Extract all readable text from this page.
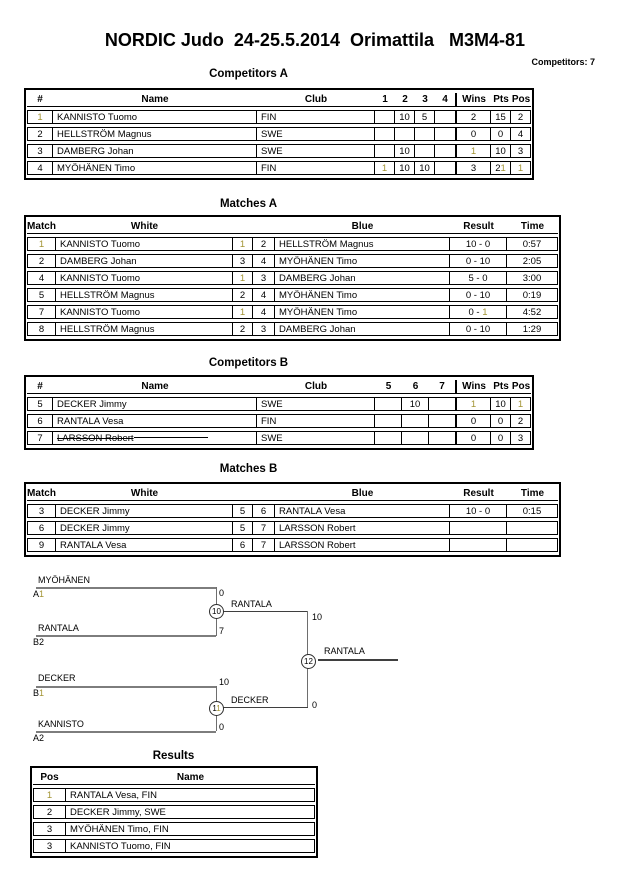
NORDIC Judo  24-25.5.2014  Orimattila   M3M4-81
Competitors: 7
Competitors A
#	Name	Club	1	2	3	4	Wins	Pts	Pos
1	KANNISTO Tuomo	FIN		10	5		2	15	2
2	HELLSTRÖM Magnus	SWE					0	0	4
3	DAMBERG Johan	SWE		10			1	10	3
4	MYÖHÄNEN Timo	FIN	1	10	10		3	21	1
Matches A
Match	White			Blue	Result	Time
1	KANNISTO Tuomo	1	2	HELLSTRÖM Magnus	10 - 0	0:57
2	DAMBERG Johan	3	4	MYÖHÄNEN Timo	0 - 10	2:05
4	KANNISTO Tuomo	1	3	DAMBERG Johan	5 - 0	3:00
5	HELLSTRÖM Magnus	2	4	MYÖHÄNEN Timo	0 - 10	0:19
7	KANNISTO Tuomo	1	4	MYÖHÄNEN Timo	0 - 1	4:52
8	HELLSTRÖM Magnus	2	3	DAMBERG Johan	0 - 10	1:29
Competitors B
#	Name	Club	5	6	7	Wins	Pts	Pos
5	DECKER Jimmy	SWE		10		1	10	1
6	RANTALA Vesa	FIN				0	0	2
7	LARSSON Robert	SWE				0	0	3
Matches B
Match	White			Blue	Result	Time
3	DECKER Jimmy	5	6	RANTALA Vesa	10 - 0	0:15
6	DECKER Jimmy	5	7	LARSSON Robert		
9	RANTALA Vesa	6	7	LARSSON Robert		
MYÖHÄNEN
A1	0
RANTALA
B2
7
10
RANTALA
10
12
RANTALA
DECKER
B1
10
KANNISTO
A2
0
11
DECKER	0
Results
Pos	Name
1	RANTALA Vesa, FIN
2	DECKER Jimmy, SWE
3	MYÖHÄNEN Timo, FIN
3	KANNISTO Tuomo, FIN
